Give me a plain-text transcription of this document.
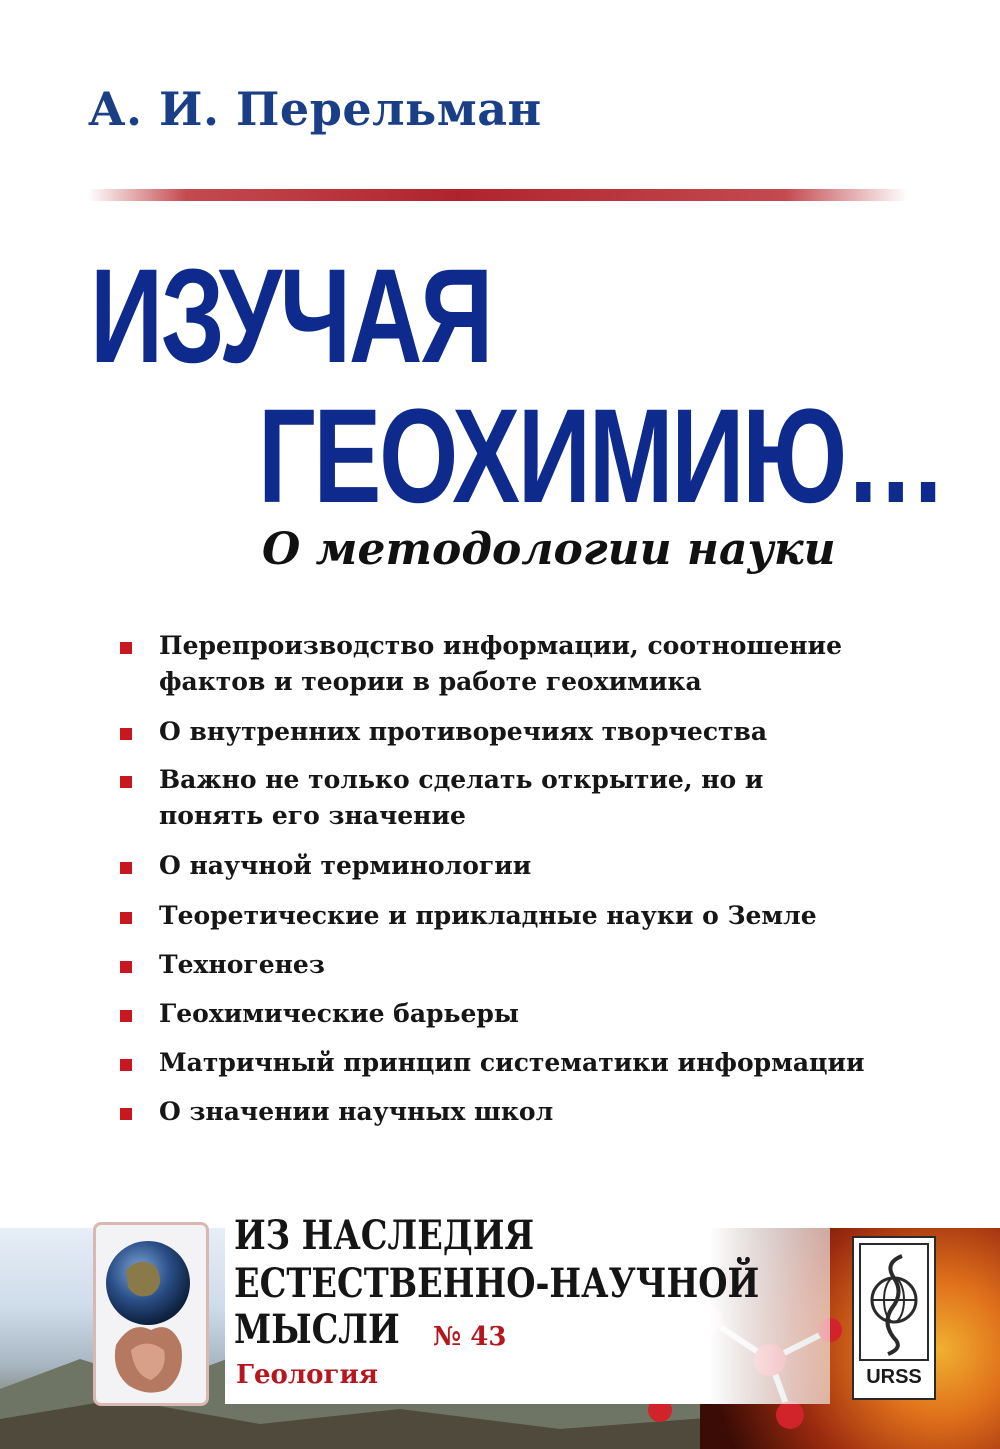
А. И. Перельман
ИЗУЧАЯ
ГЕОХИМИЮ…
О методологии науки
Перепроизводство информации, соотношение фактов и теории в работе геохимика
О внутренних противоречиях творчества
Важно не только сделать открытие, но и понять его значение
О научной терминологии
Теоретические и прикладные науки о Земле
Техногенез
Геохимические барьеры
Матричный принцип систематики информации
О значении научных школ
ИЗ НАСЛЕДИЯ
ЕСТЕСТВЕННО-НАУЧНОЙ
МЫСЛИ № 43
Геология	URSS
